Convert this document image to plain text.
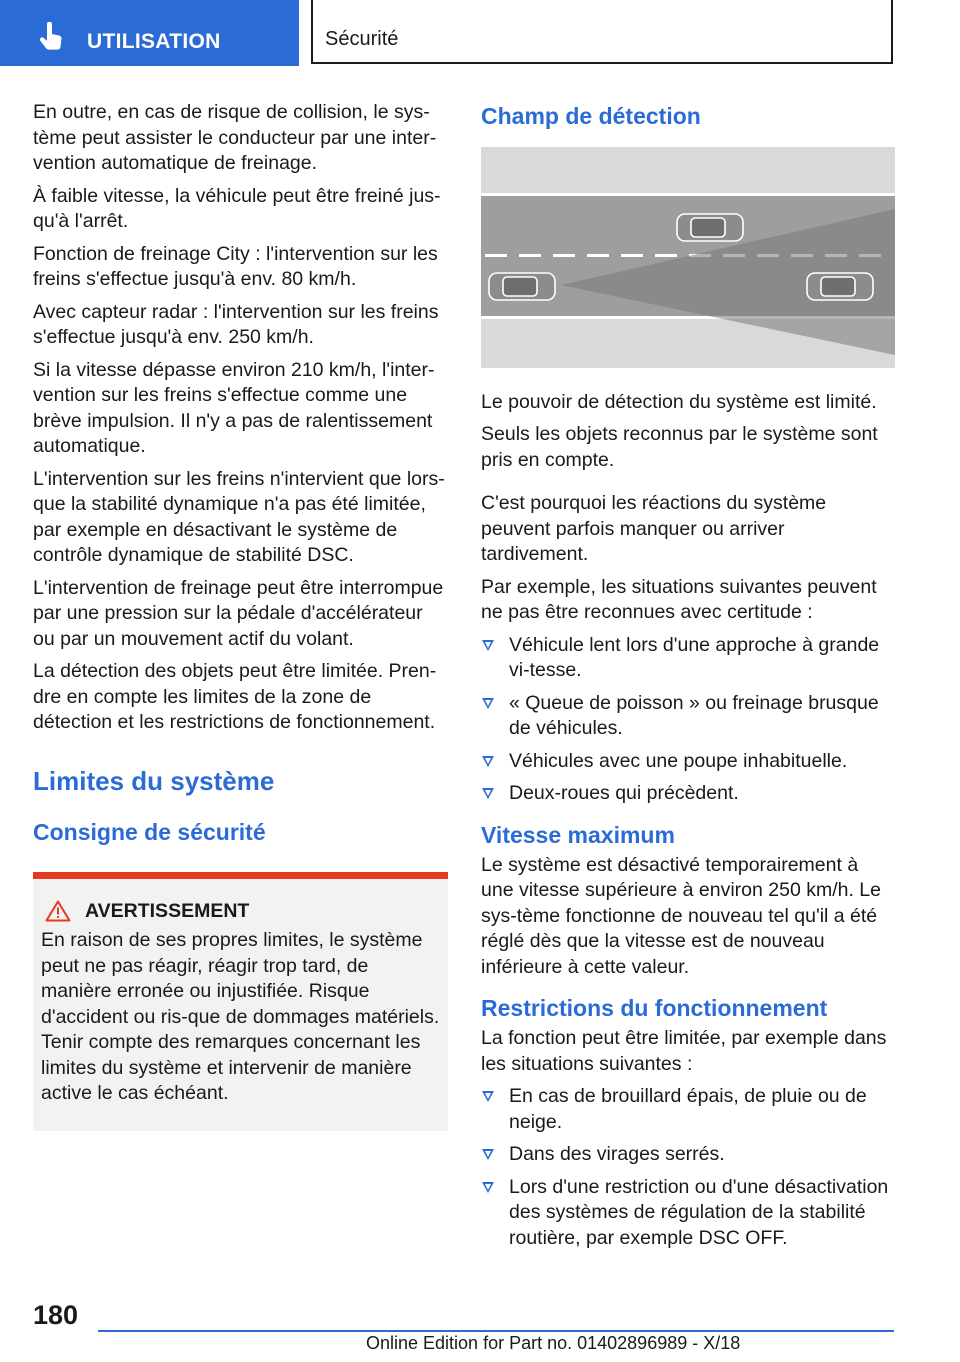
UTILISATION	Sécurité

En outre, en cas de risque de collision, le sys-tème peut assister le conducteur par une inter-vention automatique de freinage.

À faible vitesse, la véhicule peut être freiné jus-qu'à l'arrêt.

Fonction de freinage City : l'intervention sur les freins s'effectue jusqu'à env. 80 km/h.

Avec capteur radar : l'intervention sur les freins s'effectue jusqu'à env. 250 km/h.

Si la vitesse dépasse environ 210 km/h, l'inter-vention sur les freins s'effectue comme une brève impulsion. Il n'y a pas de ralentissement automatique.

L'intervention sur les freins n'intervient que lors-que la stabilité dynamique n'a pas été limitée, par exemple en désactivant le système de contrôle dynamique de stabilité DSC.

L'intervention de freinage peut être interrompue par une pression sur la pédale d'accélérateur ou par un mouvement actif du volant.

La détection des objets peut être limitée. Pren-dre en compte les limites de la zone de détection et les restrictions de fonctionnement.

Limites du système
Consigne de sécurité
AVERTISSEMENT
En raison de ses propres limites, le système peut ne pas réagir, réagir trop tard, de manière erronée ou injustifiée. Risque d'accident ou ris-que de dommages matériels. Tenir compte des remarques concernant les limites du système et intervenir de manière active le cas échéant.
Champ de détection

Le pouvoir de détection du système est limité.

Seuls les objets reconnus par le système sont pris en compte.

C'est pourquoi les réactions du système peuvent parfois manquer ou arriver tardivement.

Par exemple, les situations suivantes peuvent ne pas être reconnues avec certitude :

Véhicule lent lors d'une approche à grande vi-tesse.
« Queue de poisson » ou freinage brusque de véhicules.
Véhicules avec une poupe inhabituelle.
Deux-roues qui précèdent.
Vitesse maximum

Le système est désactivé temporairement à une vitesse supérieure à environ 250 km/h. Le sys-tème fonctionne de nouveau tel qu'il a été réglé dès que la vitesse est de nouveau inférieure à cette valeur.

Restrictions du fonctionnement

La fonction peut être limitée, par exemple dans les situations suivantes :

En cas de brouillard épais, de pluie ou de neige.
Dans des virages serrés.
Lors d'une restriction ou d'une désactivation des systèmes de régulation de la stabilité routière, par exemple DSC OFF.
180
Online Edition for Part no. 01402896989 - X/18
